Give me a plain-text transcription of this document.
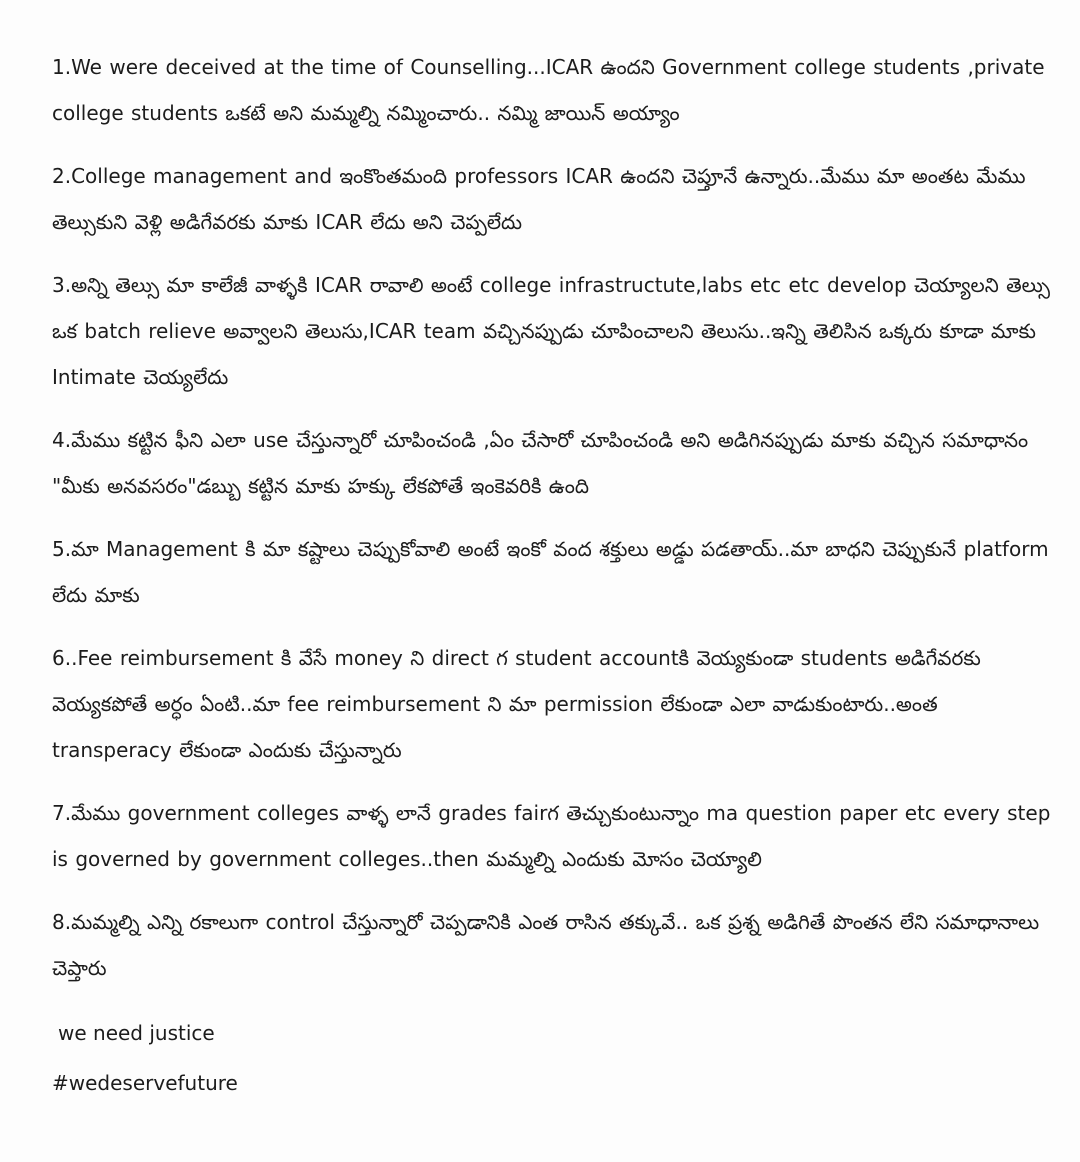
1.We were deceived at the time of Counselling...ICAR ఉందని Government college students ,private college students ఒకటే అని మమ్మల్ని నమ్మించారు.. నమ్మి జాయిన్ అయ్యాం

2.College management and ఇంకొంతమంది professors ICAR ఉందని చెప్తూనే ఉన్నారు..మేము మా అంతట మేము తెల్సుకుని వెళ్లి అడిగేవరకు మాకు ICAR లేదు అని చెప్పలేదు

3.అన్ని తెల్సు మా కాలేజీ వాళ్ళకి ICAR రావాలి అంటే college infrastructute,labs etc etc develop చెయ్యాలని తెల్సు ఒక batch relieve అవ్వాలని తెలుసు,ICAR team వచ్చినప్పుడు చూపించాలని తెలుసు..ఇన్ని తెలిసిన ఒక్కరు కూడా మాకు Intimate చెయ్యలేదు

4.మేము కట్టిన ఫీని ఎలా use చేస్తున్నారో చూపించండి ,ఏం చేసారో చూపించండి అని అడిగినప్పుడు మాకు వచ్చిన సమాధానం "మీకు అనవసరం"డబ్బు కట్టిన మాకు హక్కు లేకపోతే ఇంకెవరికి ఉంది

5.మా Management కి మా కష్టాలు చెప్పుకోవాలి అంటే ఇంకో వంద శక్తులు అడ్డు పడతాయ్..మా బాధని చెప్పుకునే platform లేదు మాకు

6..Fee reimbursement కి వేసే money ని direct గ student accountకి వెయ్యకుండా students అడిగేవరకు వెయ్యకపోతే అర్ధం ఏంటి..మా fee reimbursement ని మా permission లేకుండా ఎలా వాడుకుంటారు..అంత transperacy లేకుండా ఎందుకు చేస్తున్నారు

7.మేము government colleges వాళ్ళ లానే grades fairగ తెచ్చుకుంటున్నాం ma question paper etc every step is governed by government colleges..then మమ్మల్ని ఎందుకు మోసం చెయ్యాలి

8.మమ్మల్ని ఎన్ని రకాలుగా control చేస్తున్నారో చెప్పడానికి ఎంత రాసిన తక్కువే.. ఒక ప్రశ్న అడిగితే పొంతన లేని సమాధానాలు చెప్తారు

we need justice

#wedeservefuture
